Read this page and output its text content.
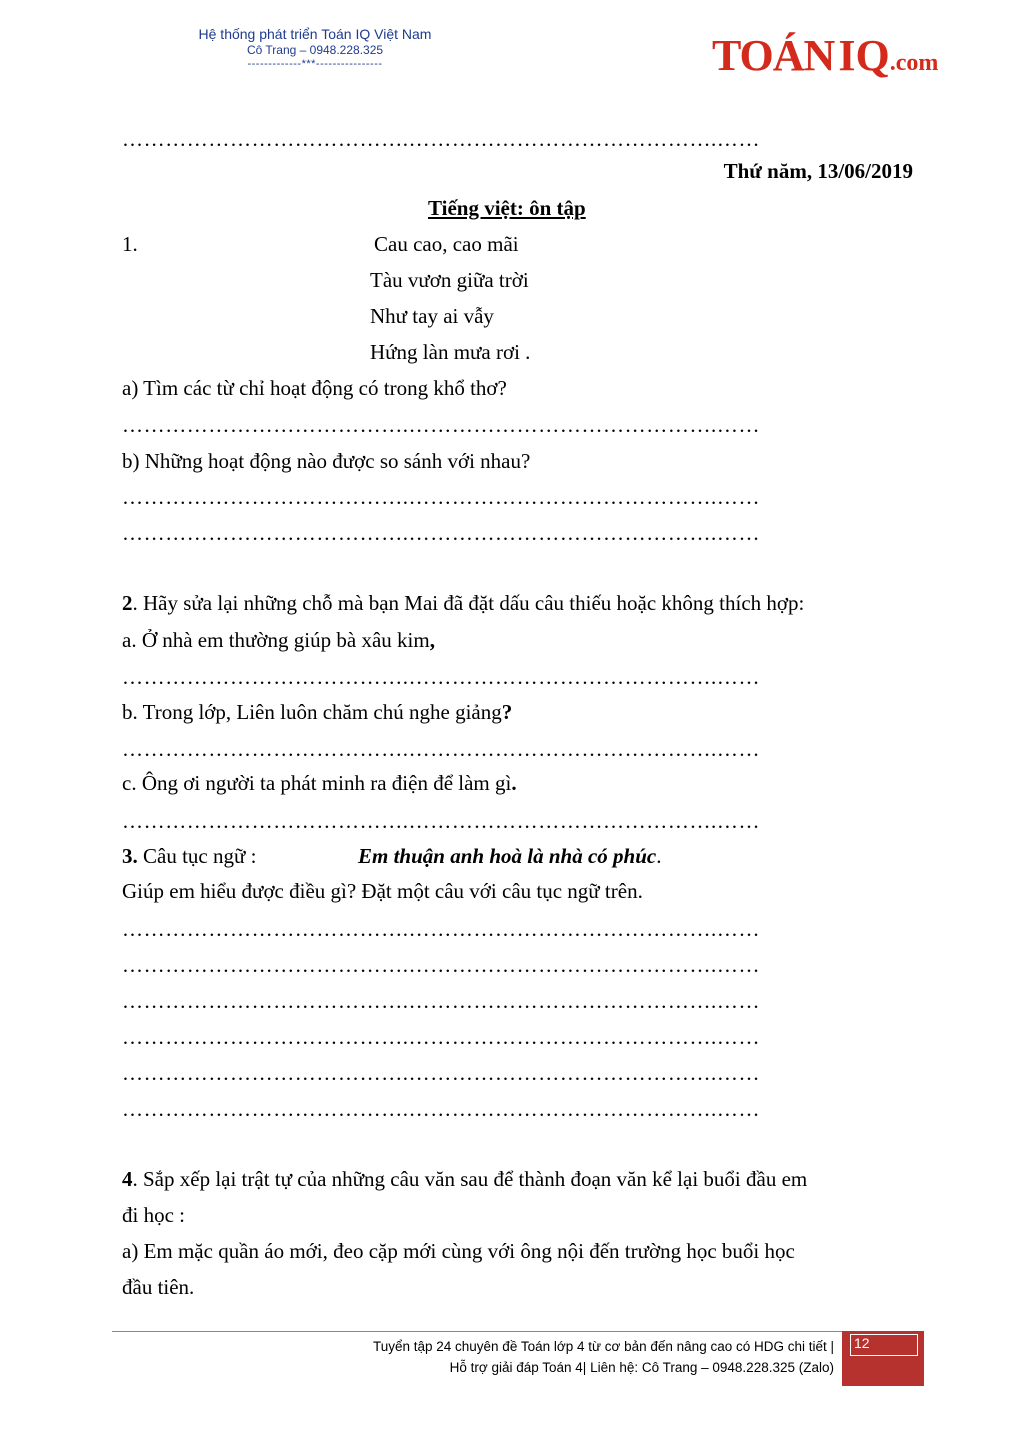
Hệ thống phát triển Toán IQ Việt Nam
Cô Trang – 0948.228.325
-------------***----------------	TOÁN IQ.com
………………………………….…………………………………….……
Thứ năm, 13/06/2019
Tiếng việt: ôn tập
1.	Cau cao, cao mãi
Tàu vươn giữa trời
Như tay ai vẫy
Hứng làn mưa rơi .
a) Tìm các từ chỉ hoạt động có trong khổ thơ?
………………………………….…………………………………….……
b) Những hoạt động nào được so sánh với nhau?
………………………………….…………………………………….……
………………………………….…………………………………….……
2. Hãy sửa lại những chỗ mà bạn Mai đã đặt dấu câu thiếu hoặc không thích hợp:
a. Ở nhà em thường giúp bà xâu kim,
………………………………….…………………………………….……
b. Trong lớp, Liên luôn chăm chú nghe giảng?
………………………………….…………………………………….……
c. Ông ơi người ta phát minh ra điện để làm gì.
………………………………….…………………………………….……
3. Câu tục ngữ :	Em thuận anh hoà là nhà có phúc.
Giúp em hiểu được điều gì? Đặt một câu với câu tục ngữ trên.
………………………………….…………………………………….……
………………………………….…………………………………….……
………………………………….…………………………………….……
………………………………….…………………………………….……
………………………………….…………………………………….……
………………………………….…………………………………….……
4. Sắp xếp lại trật tự của những câu văn sau để thành đoạn văn kể lại buổi đầu em
đi học :
a) Em mặc quần áo mới, đeo cặp mới cùng với ông nội đến trường học buổi học
đầu tiên.
Tuyển tập 24 chuyên đề Toán lớp 4 từ cơ bản đến nâng cao có HDG chi tiết |
Hỗ trợ giải đáp Toán 4| Liên hệ: Cô Trang – 0948.228.325 (Zalo)
12
